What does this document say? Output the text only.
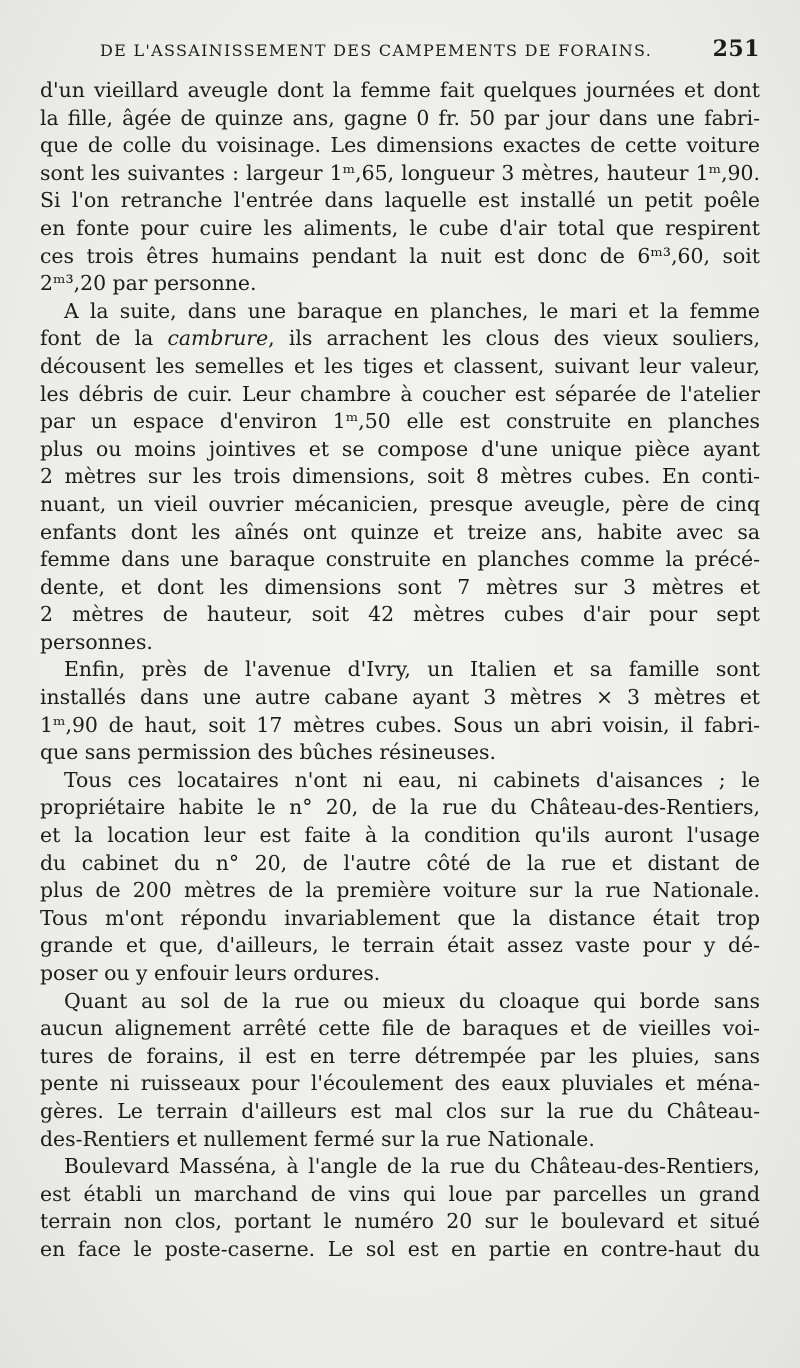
DE L'ASSAINISSEMENT DES CAMPEMENTS DE FORAINS.	251
d'un vieillard aveugle dont la femme fait quelques journées et dont
la fille, âgée de quinze ans, gagne 0 fr. 50 par jour dans une fabri-
que de colle du voisinage. Les dimensions exactes de cette voiture
sont les suivantes : largeur 1ᵐ,65, longueur 3 mètres, hauteur 1ᵐ,90.
Si l'on retranche l'entrée dans laquelle est installé un petit poêle
en fonte pour cuire les aliments, le cube d'air total que respirent
ces trois êtres humains pendant la nuit est donc de 6ᵐ³,60, soit
2ᵐ³,20 par personne.
A la suite, dans une baraque en planches, le mari et la femme
font de la cambrure, ils arrachent les clous des vieux souliers,
décousent les semelles et les tiges et classent, suivant leur valeur,
les débris de cuir. Leur chambre à coucher est séparée de l'atelier
par un espace d'environ 1ᵐ,50 elle est construite en planches
plus ou moins jointives et se compose d'une unique pièce ayant
2 mètres sur les trois dimensions, soit 8 mètres cubes. En conti-
nuant, un vieil ouvrier mécanicien, presque aveugle, père de cinq
enfants dont les aînés ont quinze et treize ans, habite avec sa
femme dans une baraque construite en planches comme la précé-
dente, et dont les dimensions sont 7 mètres sur 3 mètres et
2 mètres de hauteur, soit 42 mètres cubes d'air pour sept
personnes.
Enfin, près de l'avenue d'Ivry, un Italien et sa famille sont
installés dans une autre cabane ayant 3 mètres × 3 mètres et
1ᵐ,90 de haut, soit 17 mètres cubes. Sous un abri voisin, il fabri-
que sans permission des bûches résineuses.
Tous ces locataires n'ont ni eau, ni cabinets d'aisances ; le
propriétaire habite le n° 20, de la rue du Château-des-Rentiers,
et la location leur est faite à la condition qu'ils auront l'usage
du cabinet du n° 20, de l'autre côté de la rue et distant de
plus de 200 mètres de la première voiture sur la rue Nationale.
Tous m'ont répondu invariablement que la distance était trop
grande et que, d'ailleurs, le terrain était assez vaste pour y dé-
poser ou y enfouir leurs ordures.
Quant au sol de la rue ou mieux du cloaque qui borde sans
aucun alignement arrêté cette file de baraques et de vieilles voi-
tures de forains, il est en terre détrempée par les pluies, sans
pente ni ruisseaux pour l'écoulement des eaux pluviales et ména-
gères. Le terrain d'ailleurs est mal clos sur la rue du Château-
des-Rentiers et nullement fermé sur la rue Nationale.
Boulevard Masséna, à l'angle de la rue du Château-des-Rentiers,
est établi un marchand de vins qui loue par parcelles un grand
terrain non clos, portant le numéro 20 sur le boulevard et situé
en face le poste-caserne. Le sol est en partie en contre-haut du
